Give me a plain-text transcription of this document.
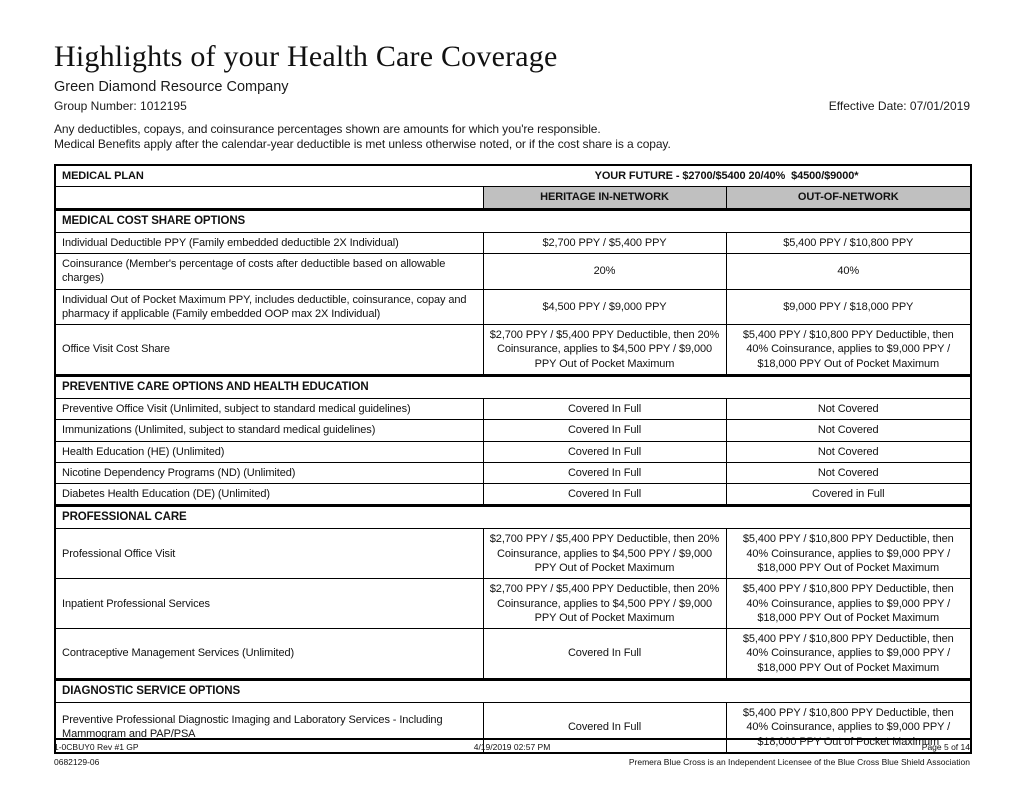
Highlights of your Health Care Coverage
Green Diamond Resource Company
Group Number: 1012195	Effective Date: 07/01/2019
Any deductibles, copays, and coinsurance percentages shown are amounts for which you're responsible.
Medical Benefits apply after the calendar-year deductible is met unless otherwise noted, or if the cost share is a copay.
MEDICAL PLAN	YOUR FUTURE - $2700/$5400 20/40%  $4500/$9000*	
	HERITAGE IN-NETWORK	OUT-OF-NETWORK
MEDICAL COST SHARE OPTIONS		
Individual Deductible PPY (Family embedded deductible 2X Individual)	$2,700 PPY / $5,400 PPY	$5,400 PPY / $10,800 PPY
Coinsurance (Member's percentage of costs after deductible based on allowable charges)	20%	40%
Individual Out of Pocket Maximum PPY, includes deductible, coinsurance, copay and pharmacy if applicable (Family embedded OOP max 2X Individual)	$4,500 PPY / $9,000 PPY	$9,000 PPY / $18,000 PPY
Office Visit Cost Share	$2,700 PPY / $5,400 PPY Deductible, then 20% Coinsurance, applies to $4,500 PPY / $9,000 PPY Out of Pocket Maximum	$5,400 PPY / $10,800 PPY Deductible, then 40% Coinsurance, applies to $9,000 PPY / $18,000 PPY Out of Pocket Maximum
PREVENTIVE CARE OPTIONS AND HEALTH EDUCATION		
Preventive Office Visit (Unlimited, subject to standard medical guidelines)	Covered In Full	Not Covered
Immunizations (Unlimited, subject to standard medical guidelines)	Covered In Full	Not Covered
Health Education (HE) (Unlimited)	Covered In Full	Not Covered
Nicotine Dependency Programs (ND) (Unlimited)	Covered In Full	Not Covered
Diabetes Health Education (DE) (Unlimited)	Covered In Full	Covered in Full
PROFESSIONAL CARE		
Professional Office Visit	$2,700 PPY / $5,400 PPY Deductible, then 20% Coinsurance, applies to $4,500 PPY / $9,000 PPY Out of Pocket Maximum	$5,400 PPY / $10,800 PPY Deductible, then 40% Coinsurance, applies to $9,000 PPY / $18,000 PPY Out of Pocket Maximum
Inpatient Professional Services	$2,700 PPY / $5,400 PPY Deductible, then 20% Coinsurance, applies to $4,500 PPY / $9,000 PPY Out of Pocket Maximum	$5,400 PPY / $10,800 PPY Deductible, then 40% Coinsurance, applies to $9,000 PPY / $18,000 PPY Out of Pocket Maximum
Contraceptive Management Services (Unlimited)	Covered In Full	$5,400 PPY / $10,800 PPY Deductible, then 40% Coinsurance, applies to $9,000 PPY / $18,000 PPY Out of Pocket Maximum
DIAGNOSTIC SERVICE OPTIONS		
Preventive Professional Diagnostic Imaging and Laboratory Services - Including Mammogram and PAP/PSA	Covered In Full	$5,400 PPY / $10,800 PPY Deductible, then 40% Coinsurance, applies to $9,000 PPY / $18,000 PPY Out of Pocket Maximum
1-0CBUY0 Rev #1 GP	4/19/2019 02:57 PM	Page 5 of 14
0682129-06	Premera Blue Cross is an Independent Licensee of the Blue Cross Blue Shield Association
